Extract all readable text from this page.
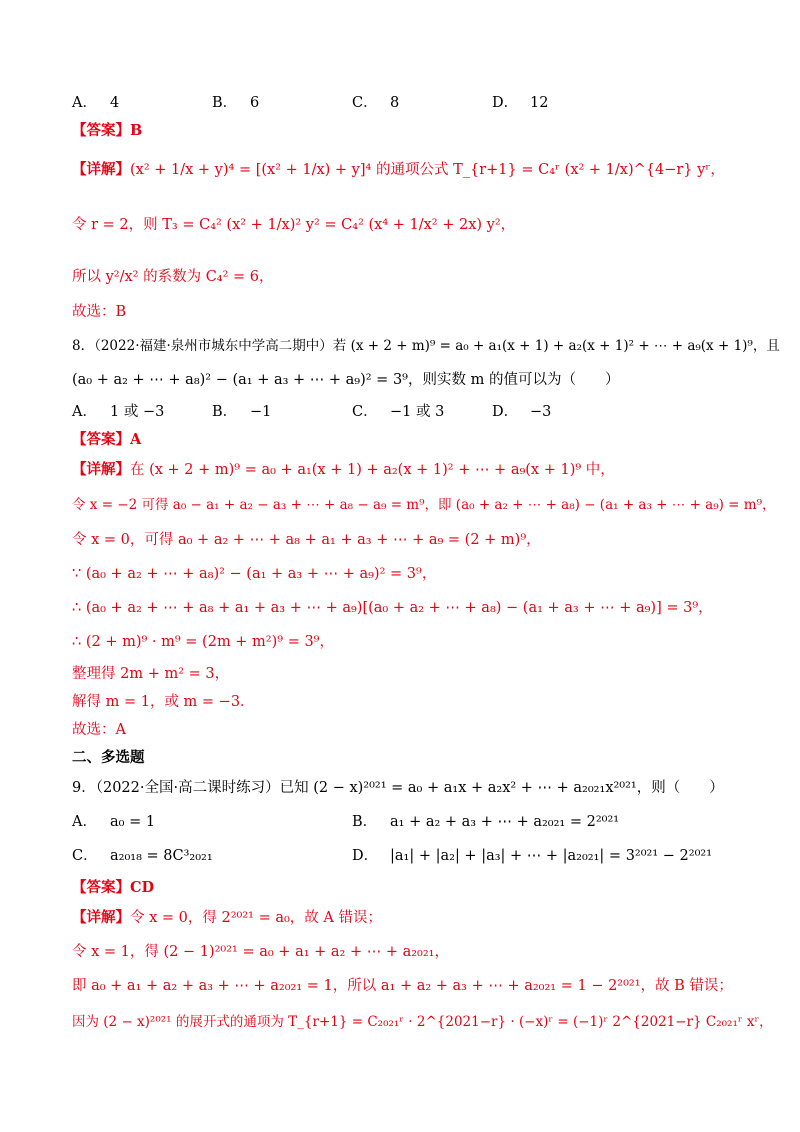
A． 4	B． 6	C． 8	D． 12
【答案】B
【详解】(x² + 1/x + y)⁴ = [(x² + 1/x) + y]⁴ 的通项公式 T_{r+1} = C₄ʳ (x² + 1/x)^{4−r} yʳ，
令 r = 2，则 T₃ = C₄² (x² + 1/x)² y² = C₄² (x⁴ + 1/x² + 2x) y²，
所以 y²/x² 的系数为 C₄² = 6，
故选：B
8．（2022·福建·泉州市城东中学高二期中）若 (x + 2 + m)⁹ = a₀ + a₁(x + 1) + a₂(x + 1)² + ⋯ + a₉(x + 1)⁹，且
(a₀ + a₂ + ⋯ + a₈)² − (a₁ + a₃ + ⋯ + a₉)² = 3⁹，则实数 m 的值可以为（　　）
A． 1 或 −3	B． −1	C． −1 或 3	D． −3
【答案】A
【详解】在 (x + 2 + m)⁹ = a₀ + a₁(x + 1) + a₂(x + 1)² + ⋯ + a₉(x + 1)⁹ 中，
令 x = −2 可得 a₀ − a₁ + a₂ − a₃ + ⋯ + a₈ − a₉ = m⁹，即 (a₀ + a₂ + ⋯ + a₈) − (a₁ + a₃ + ⋯ + a₉) = m⁹，
令 x = 0，可得 a₀ + a₂ + ⋯ + a₈ + a₁ + a₃ + ⋯ + a₉ = (2 + m)⁹，
∵ (a₀ + a₂ + ⋯ + a₈)² − (a₁ + a₃ + ⋯ + a₉)² = 3⁹，
∴ (a₀ + a₂ + ⋯ + a₈ + a₁ + a₃ + ⋯ + a₉)[(a₀ + a₂ + ⋯ + a₈) − (a₁ + a₃ + ⋯ + a₉)] = 3⁹，
∴ (2 + m)⁹ · m⁹ = (2m + m²)⁹ = 3⁹，
整理得 2m + m² = 3，
解得 m = 1，或 m = −3．
故选：A
二、多选题
9．（2022·全国·高二课时练习）已知 (2 − x)²⁰²¹ = a₀ + a₁x + a₂x² + ⋯ + a₂₀₂₁x²⁰²¹，则（　　）
A． a₀ = 1	B． a₁ + a₂ + a₃ + ⋯ + a₂₀₂₁ = 2²⁰²¹
C． a₂₀₁₈ = 8C³₂₀₂₁	D． |a₁| + |a₂| + |a₃| + ⋯ + |a₂₀₂₁| = 3²⁰²¹ − 2²⁰²¹
【答案】CD
【详解】令 x = 0，得 2²⁰²¹ = a₀，故 A 错误；
令 x = 1，得 (2 − 1)²⁰²¹ = a₀ + a₁ + a₂ + ⋯ + a₂₀₂₁，
即 a₀ + a₁ + a₂ + a₃ + ⋯ + a₂₀₂₁ = 1，所以 a₁ + a₂ + a₃ + ⋯ + a₂₀₂₁ = 1 − 2²⁰²¹，故 B 错误；
因为 (2 − x)²⁰²¹ 的展开式的通项为 T_{r+1} = C₂₀₂₁ʳ · 2^{2021−r} · (−x)ʳ = (−1)ʳ 2^{2021−r} C₂₀₂₁ʳ xʳ，
